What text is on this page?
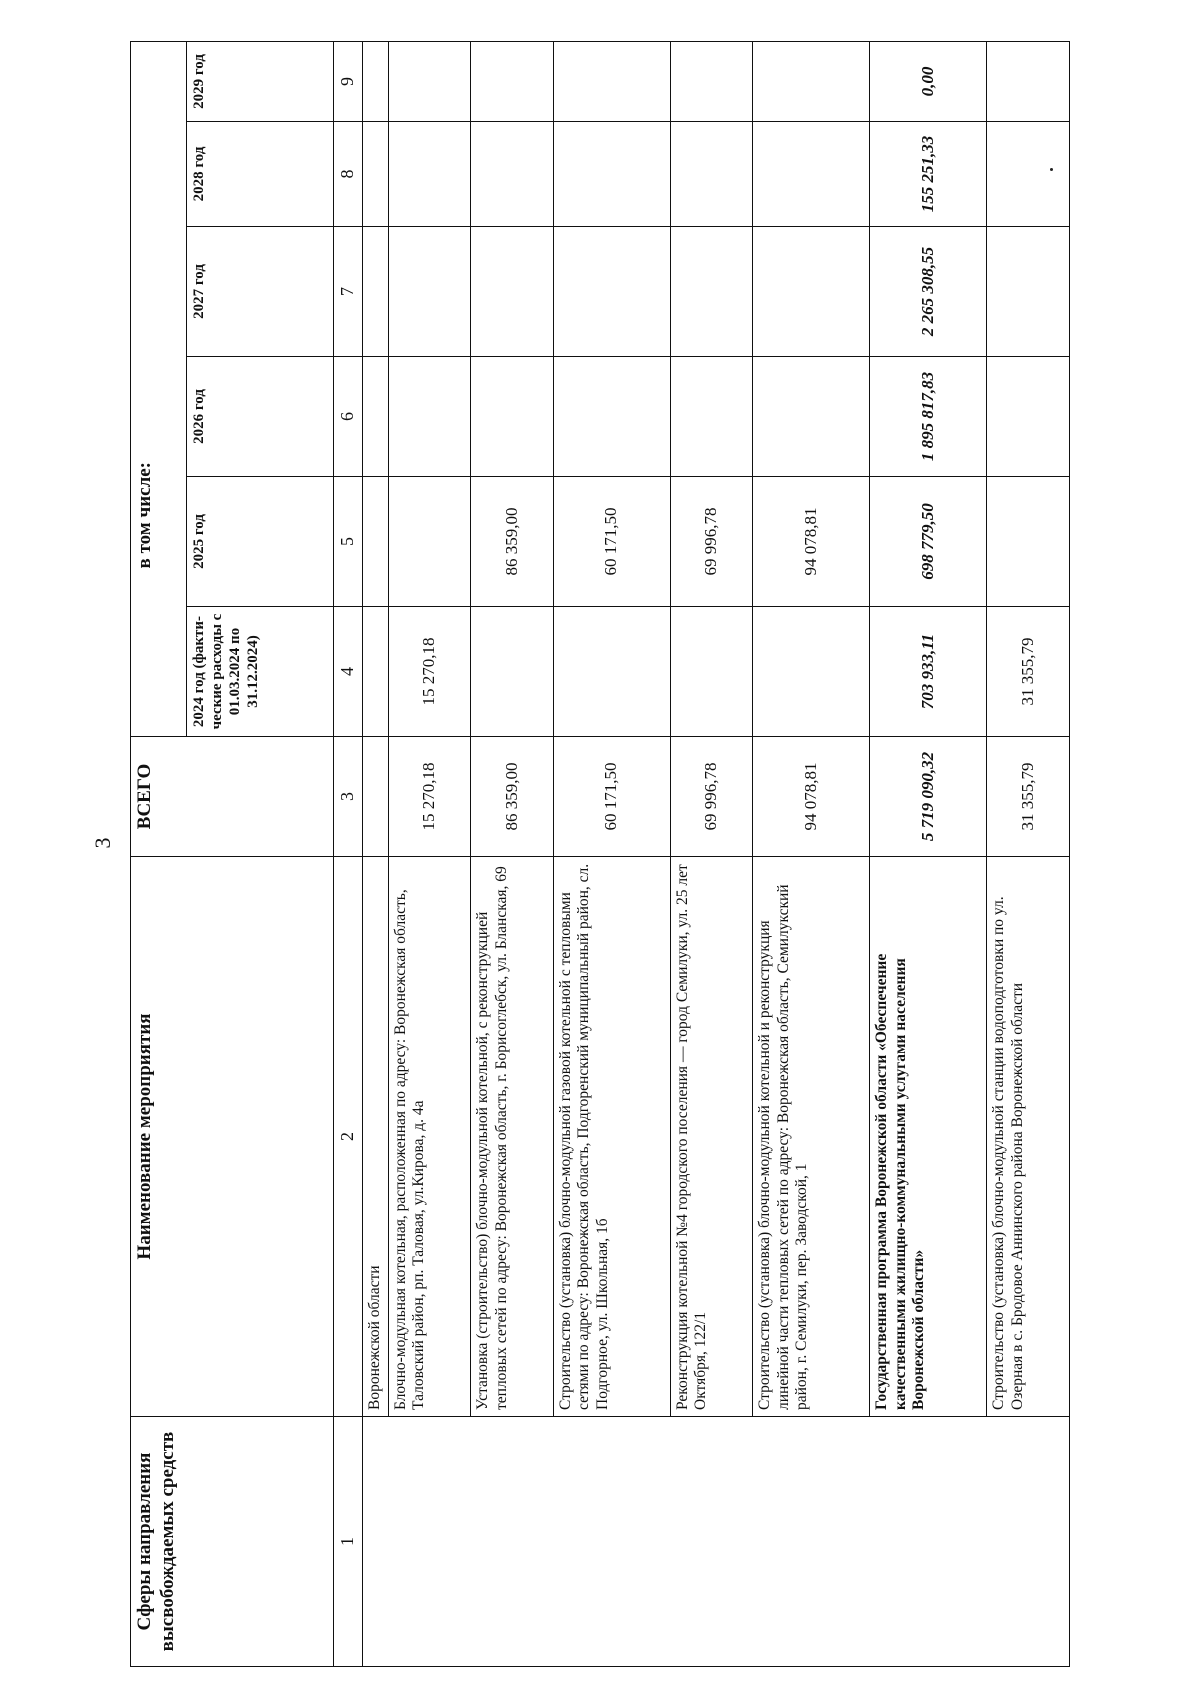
3
Сферы направления высвобождаемых средств	Наименование мероприятия	ВСЕГО	в том числе:					
			2024 год (факти-ческие расходы с 01.03.2024 по 31.12.2024)	2025 год	2026 год	2027 год	2028 год	2029 год
1	2	3	4	5	6	7	8	9
	Воронежской области							
	Блочно-модульная котельная, расположенная по адресу: Воронежская область, Таловский район, рп. Таловая, ул.Кирова, д. 4а	15 270,18	15 270,18					
	Установка (строительство) блочно-модульной котельной, с реконструкцией тепловых сетей по адресу: Воронежская область, г. Борисоглебск, ул. Бланская, 69	86 359,00		86 359,00				
	Строительство (установка) блочно-модульной газовой котельной с тепловыми сетями по адресу: Воронежская область, Подгоренский муниципальный район, сл. Подгорное, ул. Школьная, 1б	60 171,50		60 171,50				
	Реконструкция котельной №4 городского поселения — город Семилуки, ул. 25 лет Октября, 122/1	69 996,78		69 996,78				
	Строительство (установка) блочно-модульной котельной и реконструкция линейной части тепловых сетей по адресу: Воронежская область, Семилукский район, г. Семилуки, пер. Заводской, 1	94 078,81		94 078,81				
	Государственная программа Воронежской области «Обеспечение качественными жилищно-коммунальными услугами населения Воронежской области»	5 719 090,32	703 933,11	698 779,50	1 895 817,83	2 265 308,55	155 251,33	0,00
	Строительство (установка) блочно-модульной станции водоподготовки по ул. Озерная в с. Бродовое Аннинского района Воронежской области	31 355,79	31 355,79					
